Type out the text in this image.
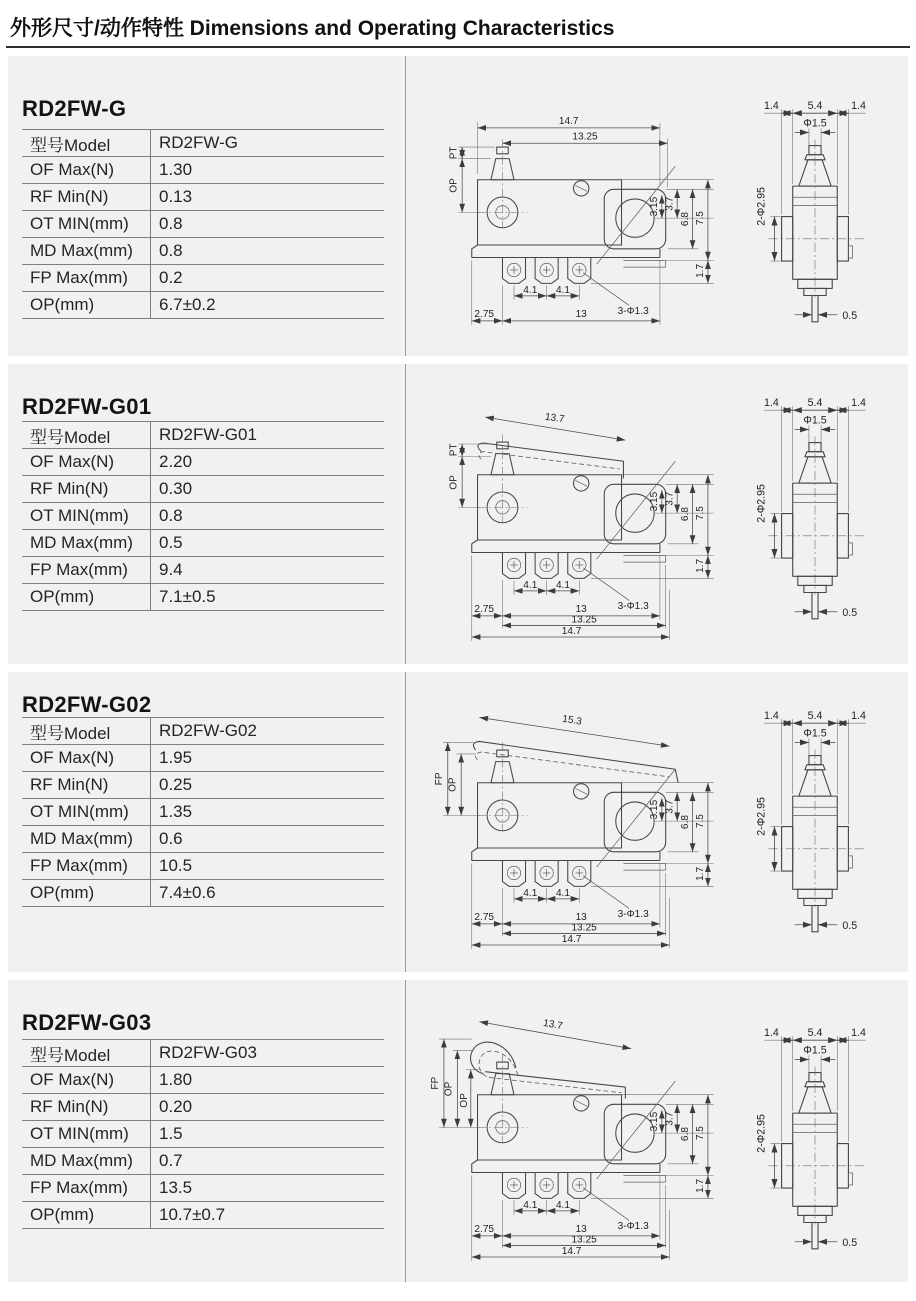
外形尺寸/动作特性 Dimensions and Operating Characteristics
RD2FW-G
型号Model	RD2FW-G
OF Max(N)	1.30
RF Min(N)	0.13
OT MIN(mm)	0.8
MD Max(mm)	0.8
FP Max(mm)	0.2
OP(mm)	6.7±0.2
14.7
13.25
PT
OP
RD2FW-G01
型号Model	RD2FW-G01
OF Max(N)	2.20
RF Min(N)	0.30
OT MIN(mm)	0.8
MD Max(mm)	0.5
FP Max(mm)	9.4
OP(mm)	7.1±0.5
13.7
PT
OP
RD2FW-G02
型号Model	RD2FW-G02
OF Max(N)	1.95
RF Min(N)	0.25
OT MIN(mm)	1.35
MD Max(mm)	0.6
FP Max(mm)	10.5
OP(mm)	7.4±0.6
15.3
FP OP
RD2FW-G03
型号Model	RD2FW-G03
OF Max(N)	1.80
RF Min(N)	0.20
OT MIN(mm)	1.5
MD Max(mm)	0.7
FP Max(mm)	13.5
OP(mm)	10.7±0.7
13.7
FP OP
OP
